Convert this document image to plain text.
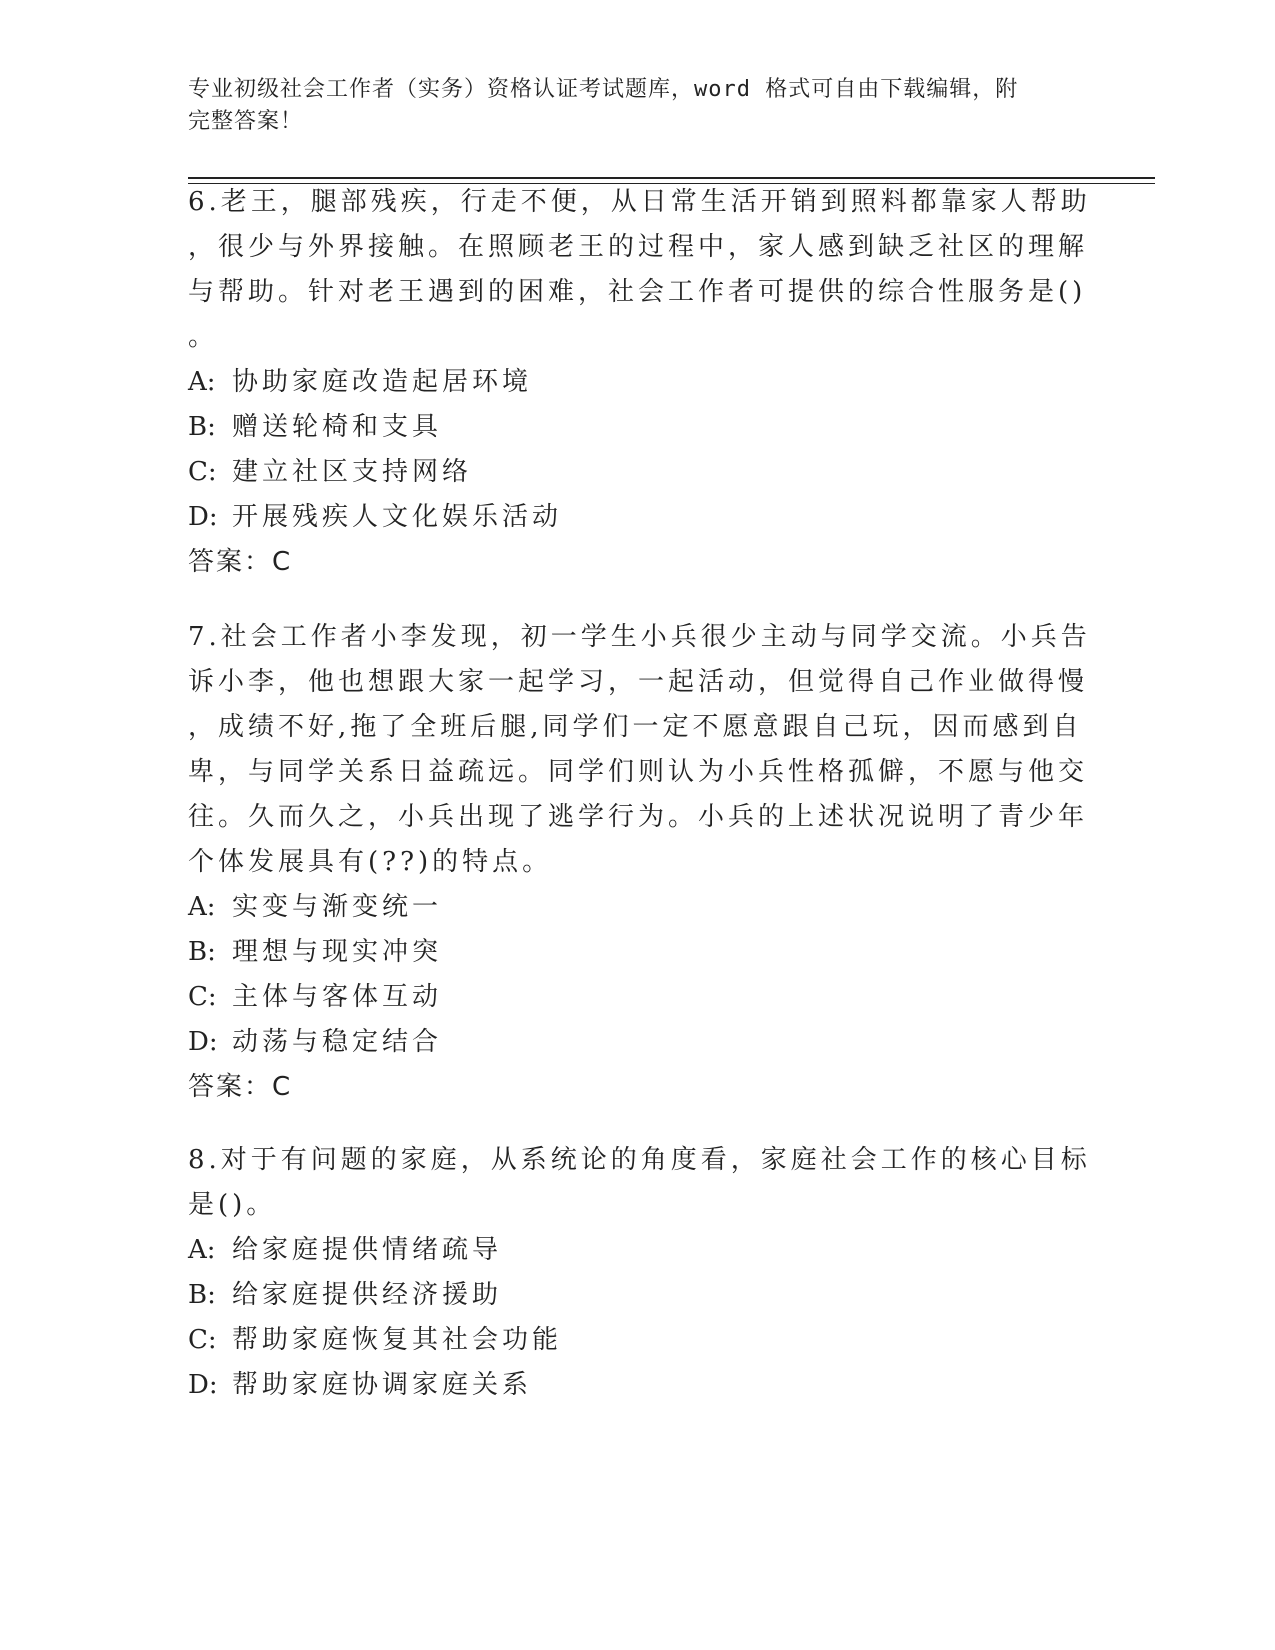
专业初级社会工作者（实务）资格认证考试题库，word 格式可自由下载编辑，附
完整答案！
6.老王，腿部残疾，行走不便，从日常生活开销到照料都靠家人帮助
，很少与外界接触。在照顾老王的过程中，家人感到缺乏社区的理解
与帮助。针对老王遇到的困难，社会工作者可提供的综合性服务是()
。
A: 协助家庭改造起居环境
B: 赠送轮椅和支具
C: 建立社区支持网络
D: 开展残疾人文化娱乐活动
答案：C
7.社会工作者小李发现，初一学生小兵很少主动与同学交流。小兵告
诉小李，他也想跟大家一起学习，一起活动，但觉得自己作业做得慢
，成绩不好,拖了全班后腿,同学们一定不愿意跟自己玩，因而感到自
卑，与同学关系日益疏远。同学们则认为小兵性格孤僻，不愿与他交
往。久而久之，小兵出现了逃学行为。小兵的上述状况说明了青少年
个体发展具有(??)的特点。
A: 实变与渐变统一
B: 理想与现实冲突
C: 主体与客体互动
D: 动荡与稳定结合
答案：C
8.对于有问题的家庭，从系统论的角度看，家庭社会工作的核心目标
是()。
A: 给家庭提供情绪疏导
B: 给家庭提供经济援助
C: 帮助家庭恢复其社会功能
D: 帮助家庭协调家庭关系
